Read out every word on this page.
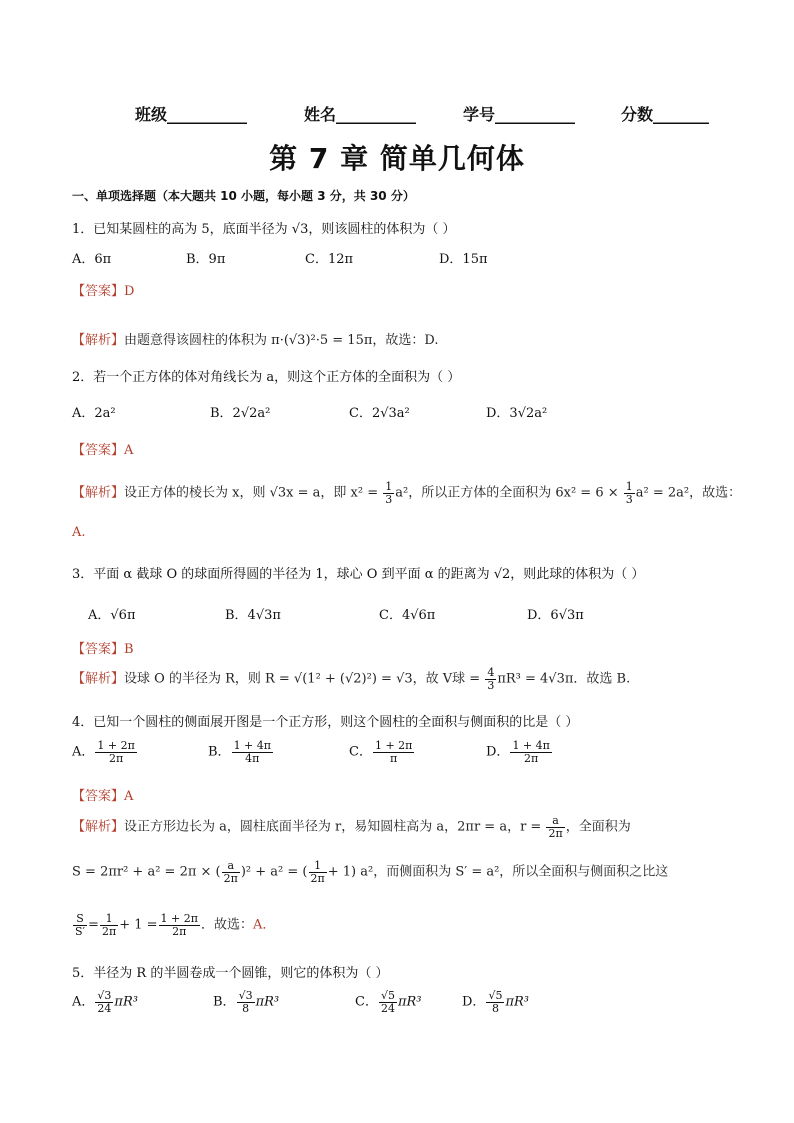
班级__________	姓名__________	学号__________	分数_______
第 7 章 简单几何体
一、单项选择题（本大题共 10 小题，每小题 3 分，共 30 分）
1．已知某圆柱的高为 5，底面半径为 √3，则该圆柱的体积为（ ）
A．6π	B．9π	C．12π	D．15π
【答案】D
【解析】由题意得该圆柱的体积为 π·(√3)²·5 = 15π，故选：D.
2．若一个正方体的体对角线长为 a，则这个正方体的全面积为（ ）
A．2a²	B．2√2a²	C．2√3a²	D．3√2a²
【答案】A
【解析】设正方体的棱长为 x，则 √3x = a，即 $x^2 = \frac{1}{3} a^2$，所以正方体的全面积为 $6x^2 = 6 \times \frac{1}{3} a^2 = 2a^2$，故选：
A.
3．平面 α 截球 O 的球面所得圆的半径为 1，球心 O 到平面 α 的距离为 √2，则此球的体积为（ ）
A．√6π	B．4√3π	C．4√6π	D．6√3π
【答案】B
【解析】设球 O 的半径为 R，则 R = √(1² + (√2)²) = √3，故 V球 = $\frac{4}{3} \pi R^3 = 4√3\pi$．故选 B.
4．已知一个圆柱的侧面展开图是一个正方形，则这个圆柱的全面积与侧面积的比是（ ）
A． $\frac{1 + 2\pi}{2\pi}$	B． $\frac{1 + 4\pi}{4\pi}$	C． $\frac{1 + 2\pi}{\pi}$	D． $\frac{1 + 4\pi}{2\pi}$
【答案】A
【解析】设正方形边长为 a，圆柱底面半径为 r，易知圆柱高为 a，2πr = a，$r = \frac{a}{2\pi}$ ，全面积为
S = 2πr² + a² = 2π × ( $\frac{a}{2\pi} )^2 + a^2$ = ( $\frac{1}{2\pi} + 1$) a²，而侧面积为 S′ = a²，所以全面积与侧面积之比这
$\frac{S}{S'} = \frac{1}{2\pi} + 1 = \frac{1 + 2\pi}{2\pi}$ ．故选：A．
5．半径为 R 的半圆卷成一个圆锥，则它的体积为（ ）
A． $\frac{√3}{24} \pi R^3$	B． $\frac{√3}{8} \pi R^3$	C． $\frac{√5}{24} \pi R^3$	D． $\frac{√5}{8} \pi R^3$
